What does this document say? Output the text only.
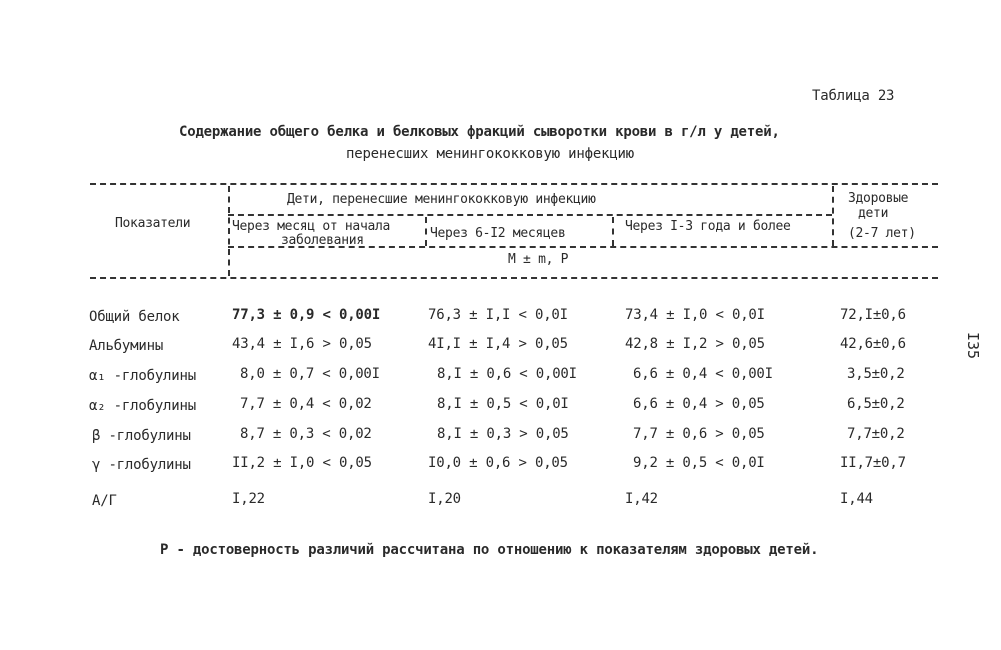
Таблица 23
Содержание общего белка и белковых фракций сыворотки крови в г/л у детей,
перенесших менингококковую инфекцию
Показатели
Дети, перенесшие менингококковую инфекцию	Здоровые
дети
(2-7 лет)
Через месяц от начала
заболевания	Через 6-I2 месяцев	Через I-3 года и более
М ± m, Р
Общий белок	77,3 ± 0,9 < 0,00I	76,3 ± I,I < 0,0I	73,4 ± I,0 < 0,0I	72,I±0,6
Альбумины	43,4 ± I,6 > 0,05	4I,I ± I,4 > 0,05	42,8 ± I,2 > 0,05	42,6±0,6
α₁ -глобулины	8,0 ± 0,7 < 0,00I	8,I ± 0,6 < 0,00I	6,6 ± 0,4 < 0,00I	3,5±0,2
α₂ -глобулины	7,7 ± 0,4 < 0,02	8,I ± 0,5 < 0,0I	6,6 ± 0,4 > 0,05	6,5±0,2
β -глобулины	8,7 ± 0,3 < 0,02	8,I ± 0,3 > 0,05	7,7 ± 0,6 > 0,05	7,7±0,2
γ -глобулины	II,2 ± I,0 < 0,05	I0,0 ± 0,6 > 0,05	9,2 ± 0,5 < 0,0I	II,7±0,7
А/Г	I,22	I,20	I,42	I,44
Р - достоверность различий рассчитана по отношению к показателям здоровых детей.
I35
